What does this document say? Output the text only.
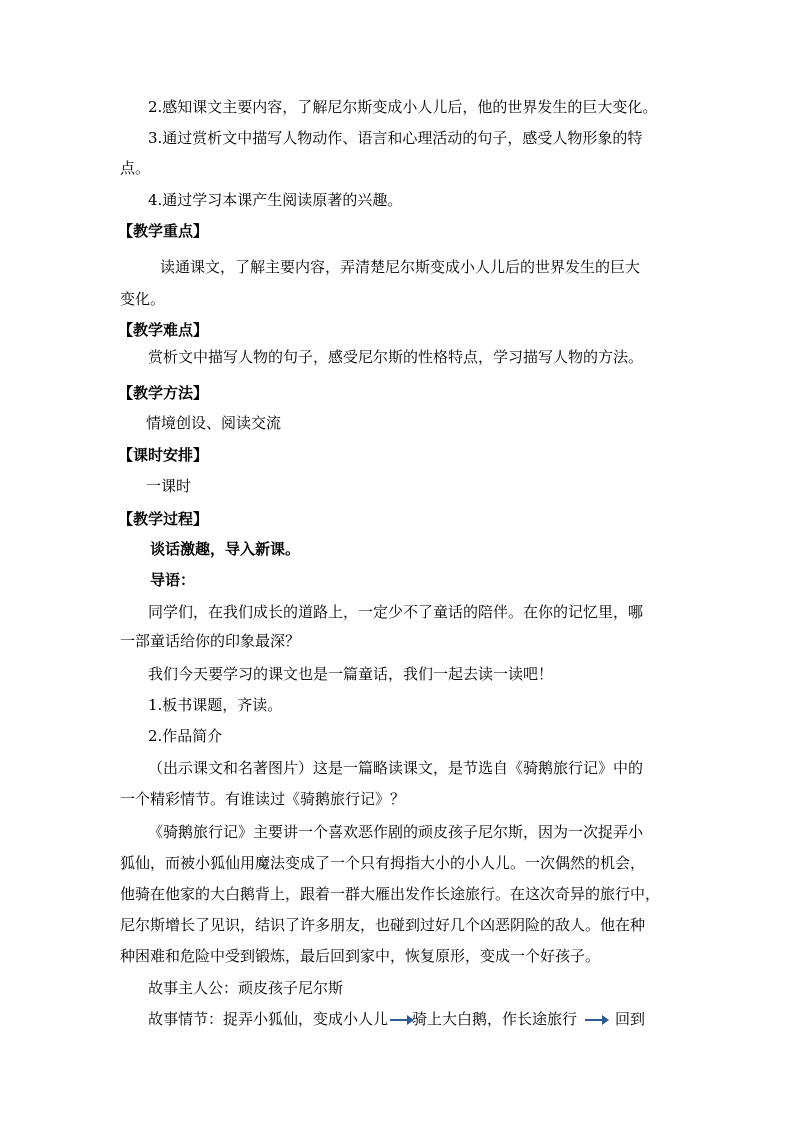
2.感知课文主要内容，了解尼尔斯变成小人儿后，他的世界发生的巨大变化。
3.通过赏析文中描写人物动作、语言和心理活动的句子，感受人物形象的特
点。
4.通过学习本课产生阅读原著的兴趣。
【教学重点】
读通课文，了解主要内容，弄清楚尼尔斯变成小人儿后的世界发生的巨大
变化。
【教学难点】
赏析文中描写人物的句子，感受尼尔斯的性格特点，学习描写人物的方法。
【教学方法】
情境创设、阅读交流
【课时安排】
一课时
【教学过程】
谈话激趣，导入新课。
导语：
同学们，在我们成长的道路上，一定少不了童话的陪伴。在你的记忆里，哪
一部童话给你的印象最深？
我们今天要学习的课文也是一篇童话，我们一起去读一读吧！
1.板书课题，齐读。
2.作品简介
（出示课文和名著图片）这是一篇略读课文，是节选自《骑鹅旅行记》中的
一个精彩情节。有谁读过《骑鹅旅行记》？
《骑鹅旅行记》主要讲一个喜欢恶作剧的顽皮孩子尼尔斯，因为一次捉弄小
狐仙，而被小狐仙用魔法变成了一个只有拇指大小的小人儿。一次偶然的机会，
他骑在他家的大白鹅背上，跟着一群大雁出发作长途旅行。在这次奇异的旅行中，
尼尔斯增长了见识，结识了许多朋友，也碰到过好几个凶恶阴险的敌人。他在种
种困难和危险中受到锻炼，最后回到家中，恢复原形，变成一个好孩子。
故事主人公：顽皮孩子尼尔斯
故事情节：捉弄小狐仙，变成小人儿 骑上大白鹅，作长途旅行	回到
